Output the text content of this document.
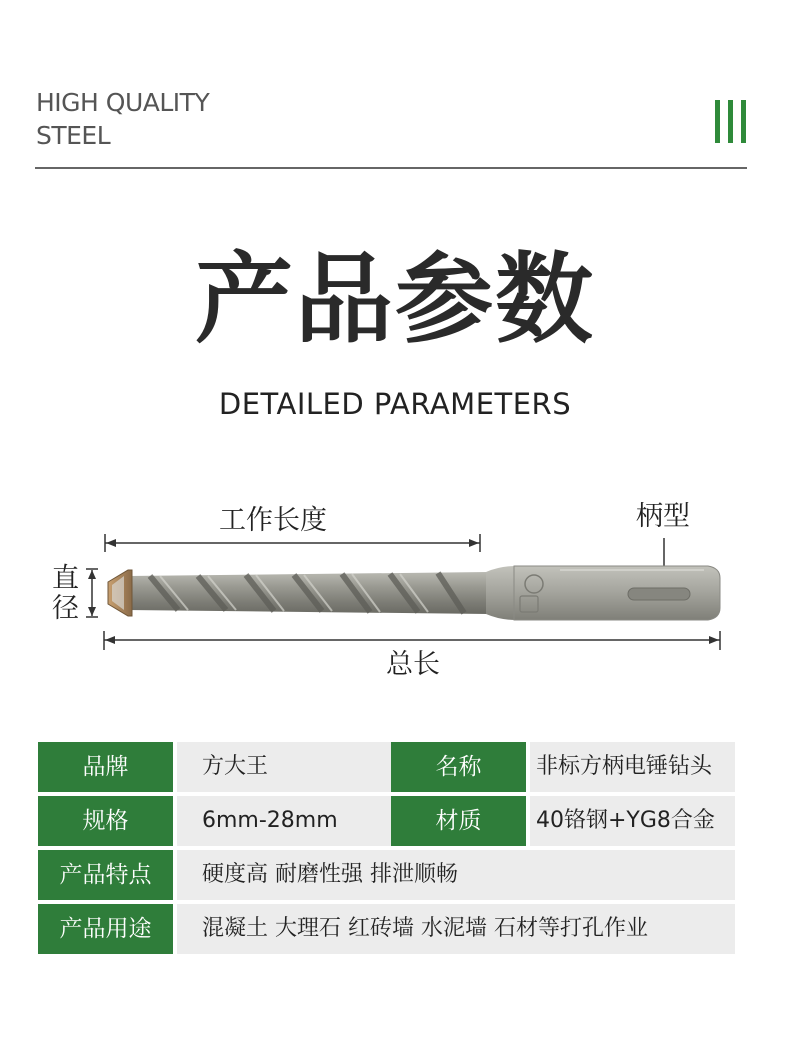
HIGH QUALITY
STEEL
产品参数
DETAILED PARAMETERS
工作长度	柄型
直
径
总长
品牌	方大王	名称	非标方柄电锤钻头
规格	6mm-28mm	材质	40铬钢+YG8合金
产品特点	硬度高 耐磨性强 排泄顺畅
产品用途	混凝土 大理石 红砖墙 水泥墙 石材等打孔作业
